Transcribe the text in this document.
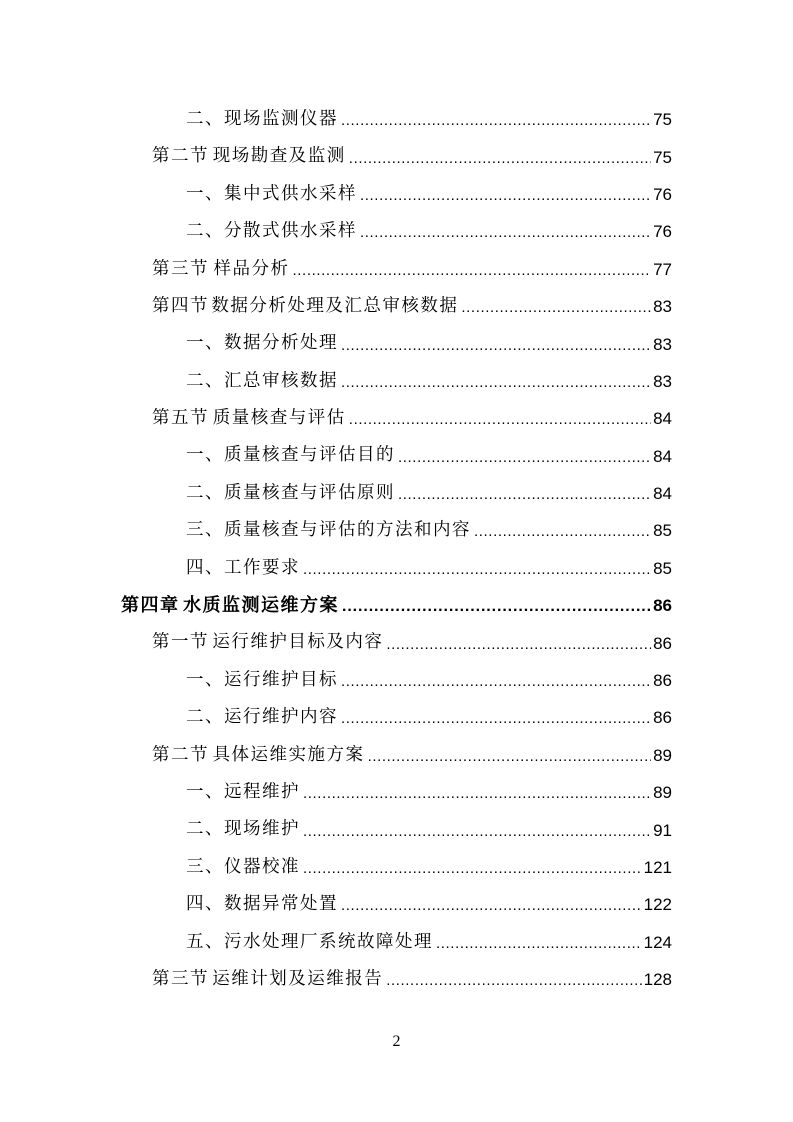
二、 现场监测仪器 .....	75
第二节 现场勘查及监测 .....	75
一、 集中式供水采样 .....	76
二、 分散式供水采样 .....	76
第三节 样品分析 .....	77
第四节 数据分析处理及汇总审核数据 .....	83
一、 数据分析处理 .....	83
二、 汇总审核数据 .....	83
第五节 质量核查与评估 .....	84
一、 质量核查与评估目的 .....	84
二、 质量核查与评估原则 .....	84
三、 质量核查与评估的方法和内容 .....	85
四、 工作要求 .....	85
第四章 水质监测运维方案 .....	86
第一节 运行维护目标及内容 .....	86
一、 运行维护目标 .....	86
二、 运行维护内容 .....	86
第二节 具体运维实施方案 .....	89
一、 远程维护 .....	89
二、 现场维护 .....	91
三、 仪器校准 .....	121
四、 数据异常处置 .....	122
五、 污水处理厂系统故障处理 .....	124
第三节 运维计划及运维报告 .....	128
2
